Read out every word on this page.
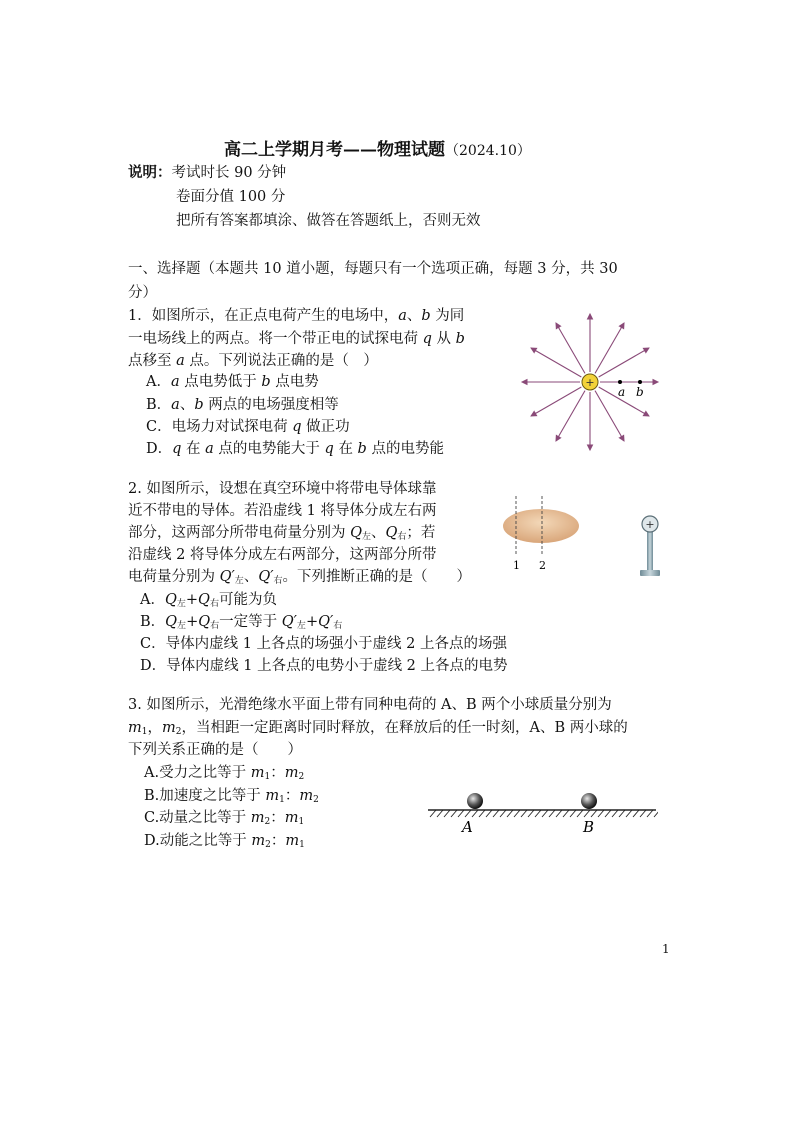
高二上学期月考——物理试题（2024.10）
说明：考试时长 90 分钟
卷面分值 100 分
把所有答案都填涂、做答在答题纸上，否则无效
一、选择题（本题共 10 道小题，每题只有一个选项正确，每题 3 分，共 30
分）
1．如图所示，在正点电荷产生的电场中，a、b 为同
一电场线上的两点。将一个带正电的试探电荷 q 从 b
点移至 a 点。下列说法正确的是（　）
A．a 点电势低于 b 点电势
B．a、b 两点的电场强度相等
C．电场力对试探电荷 q 做正功
D．q 在 a 点的电势能大于 q 在 b 点的电势能
+
a b
2. 如图所示，设想在真空环境中将带电导体球靠
近不带电的导体。若沿虚线 1 将导体分成左右两
部分，这两部分所带电荷量分别为 $Q_左$、$Q_右$；若
沿虚线 2 将导体分成左右两部分，这两部分所带
电荷量分别为 $Q'_左$、$Q'_右$。下列推断正确的是（　　）
A．$Q_左+Q_右$可能为负
B．$Q_左+Q_右$一定等于 $Q'_左+Q'_右$
C．导体内虚线 1 上各点的场强小于虚线 2 上各点的场强
D．导体内虚线 1 上各点的电势小于虚线 2 上各点的电势
1 2
+
3. 如图所示，光滑绝缘水平面上带有同种电荷的 A、B 两个小球质量分别为
$m_1$，$m_2$，当相距一定距离时同时释放，在释放后的任一时刻，A、B 两小球的
下列关系正确的是（　　）
A.受力之比等于 $m_1$：$m_2$
B.加速度之比等于 $m_1$：$m_2$
C.动量之比等于 $m_2$：$m_1$
D.动能之比等于 $m_2$：$m_1$
A	B
1
